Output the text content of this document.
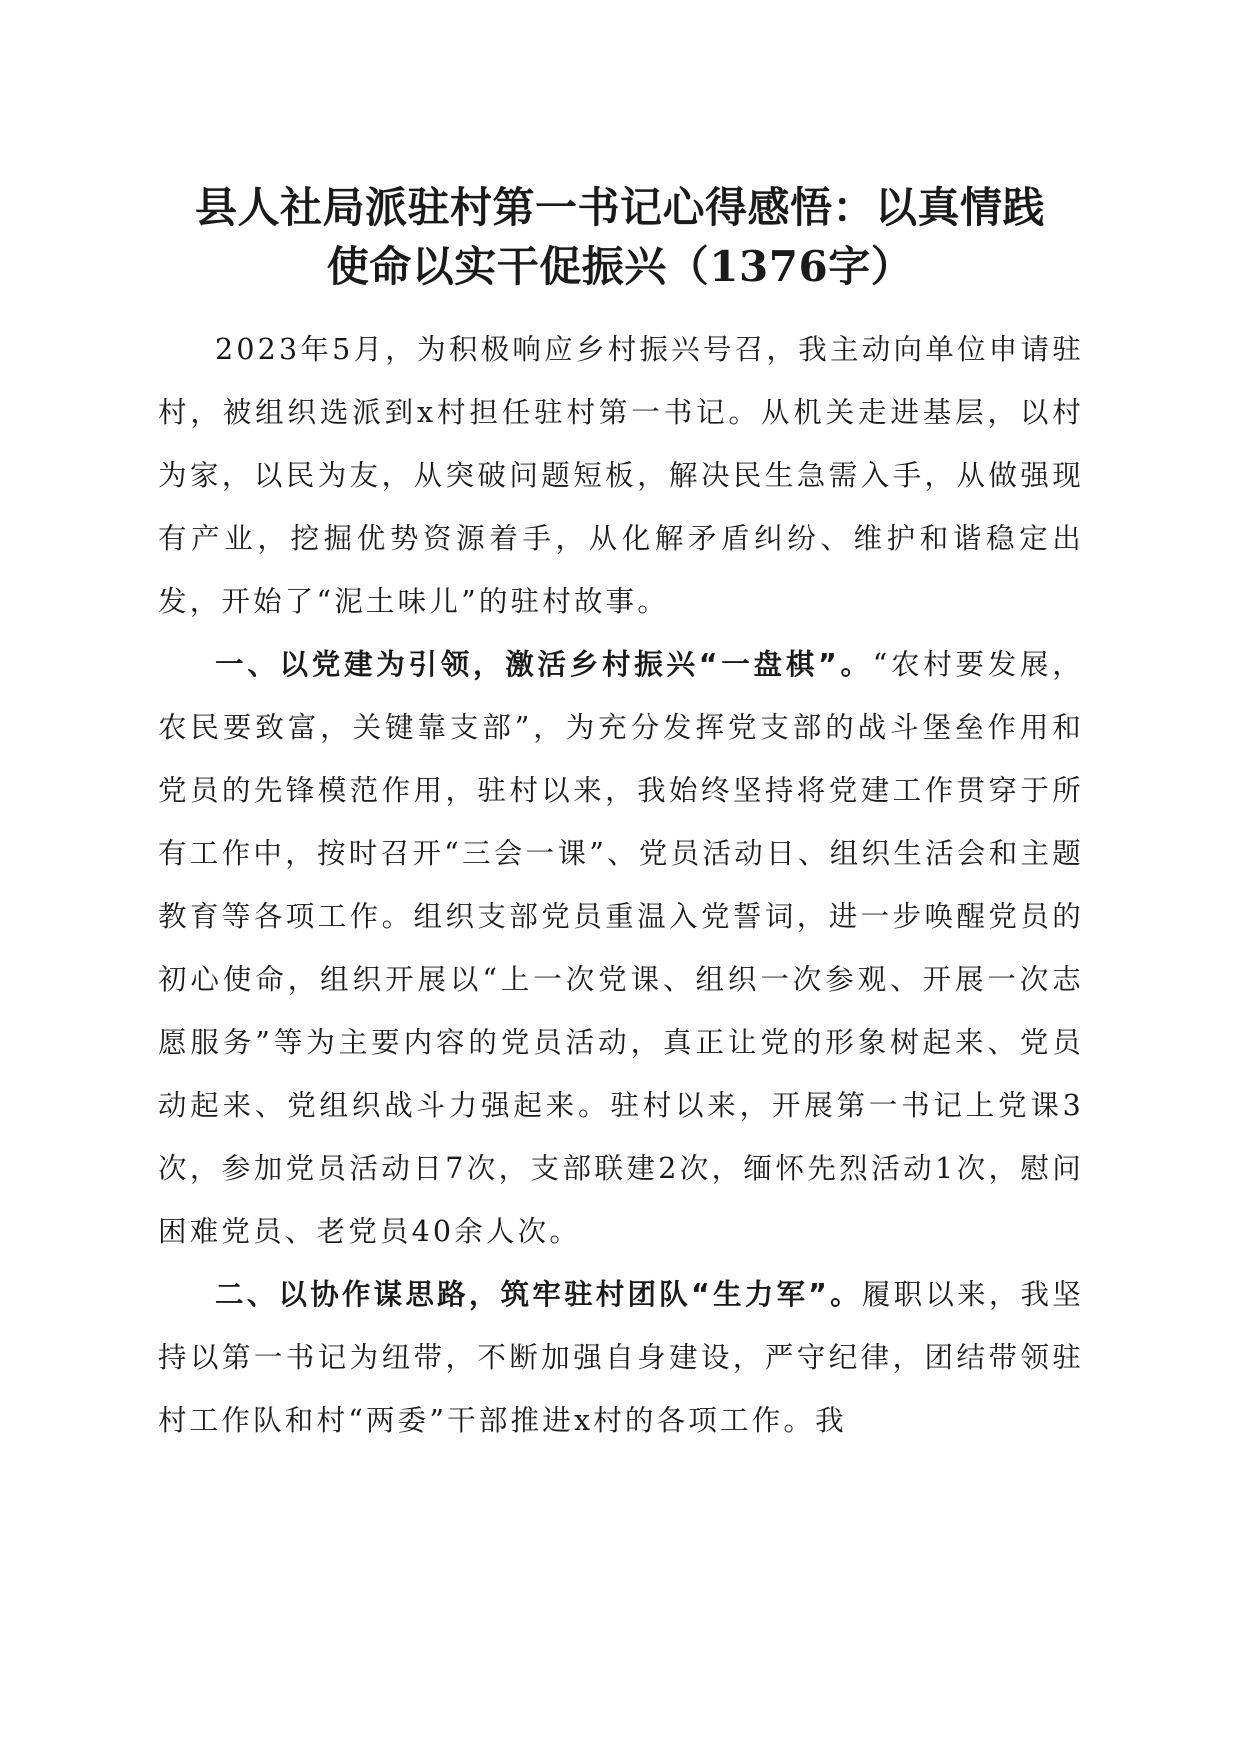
县人社局派驻村第一书记心得感悟：以真情践
使命以实干促振兴（1376字）

2023年5月，为积极响应乡村振兴号召，我主动向单位申请驻村，被组织选派到x村担任驻村第一书记。从机关走进基层，以村为家，以民为友，从突破问题短板，解决民生急需入手，从做强现有产业，挖掘优势资源着手，从化解矛盾纠纷、维护和谐稳定出发，开始了“泥土味儿”的驻村故事。

一、以党建为引领，激活乡村振兴“一盘棋”。“农村要发展，农民要致富，关键靠支部”，为充分发挥党支部的战斗堡垒作用和党员的先锋模范作用，驻村以来，我始终坚持将党建工作贯穿于所有工作中，按时召开“三会一课”、党员活动日、组织生活会和主题教育等各项工作。组织支部党员重温入党誓词，进一步唤醒党员的初心使命，组织开展以“上一次党课、组织一次参观、开展一次志愿服务”等为主要内容的党员活动，真正让党的形象树起来、党员动起来、党组织战斗力强起来。驻村以来，开展第一书记上党课3次，参加党员活动日7次，支部联建2次，缅怀先烈活动1次，慰问困难党员、老党员40余人次。

二、以协作谋思路，筑牢驻村团队“生力军”。履职以来，我坚持以第一书记为纽带，不断加强自身建设，严守纪律，团结带领驻村工作队和村“两委”干部推进x村的各项工作。我
